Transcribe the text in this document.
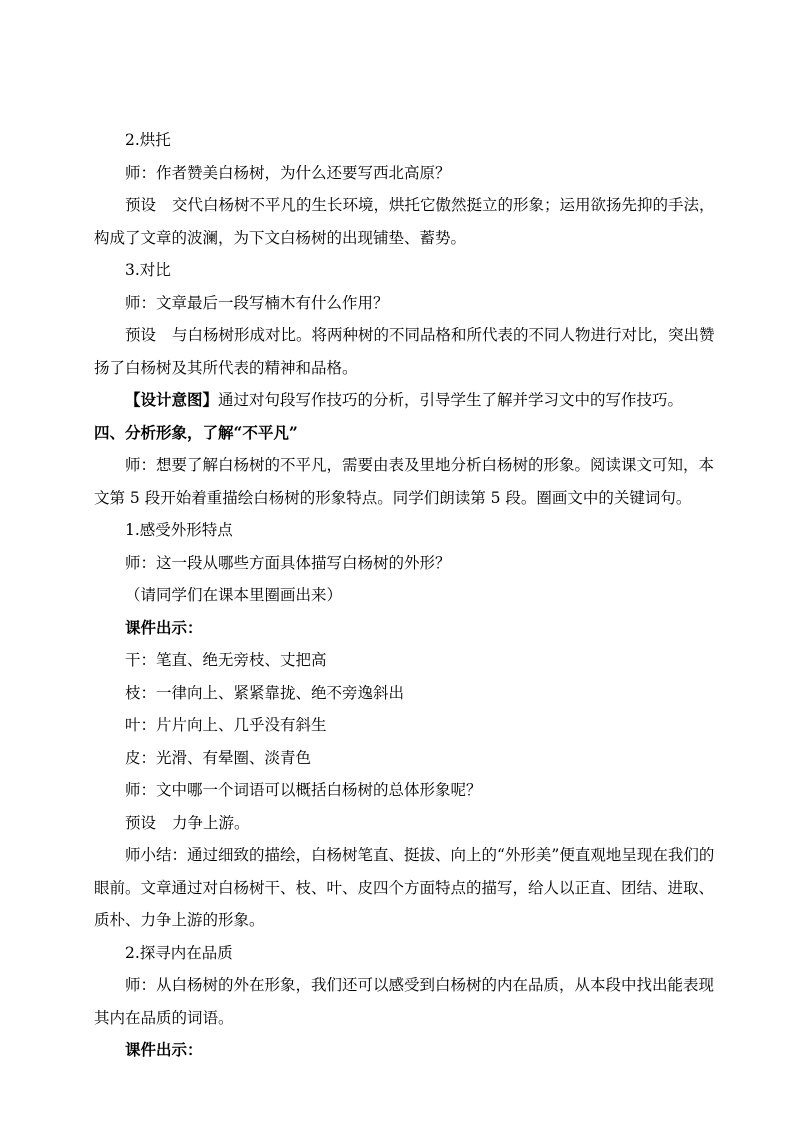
2.烘托

师：作者赞美白杨树，为什么还要写西北高原？

预设 交代白杨树不平凡的生长环境，烘托它傲然挺立的形象；运用欲扬先抑的手法，构成了文章的波澜，为下文白杨树的出现铺垫、蓄势。

3.对比

师：文章最后一段写楠木有什么作用？

预设 与白杨树形成对比。将两种树的不同品格和所代表的不同人物进行对比，突出赞扬了白杨树及其所代表的精神和品格。

【设计意图】通过对句段写作技巧的分析，引导学生了解并学习文中的写作技巧。

四、分析形象，了解“不平凡”

师：想要了解白杨树的不平凡，需要由表及里地分析白杨树的形象。阅读课文可知，本文第 5 段开始着重描绘白杨树的形象特点。同学们朗读第 5 段。圈画文中的关键词句。

1.感受外形特点

师：这一段从哪些方面具体描写白杨树的外形？

（请同学们在课本里圈画出来）

课件出示：

干：笔直、绝无旁枝、丈把高

枝：一律向上、紧紧靠拢、绝不旁逸斜出

叶：片片向上、几乎没有斜生

皮：光滑、有晕圈、淡青色

师：文中哪一个词语可以概括白杨树的总体形象呢？

预设 力争上游。

师小结：通过细致的描绘，白杨树笔直、挺拔、向上的“外形美”便直观地呈现在我们的眼前。文章通过对白杨树干、枝、叶、皮四个方面特点的描写，给人以正直、团结、进取、质朴、力争上游的形象。

2.探寻内在品质

师：从白杨树的外在形象，我们还可以感受到白杨树的内在品质，从本段中找出能表现其内在品质的词语。

课件出示：
